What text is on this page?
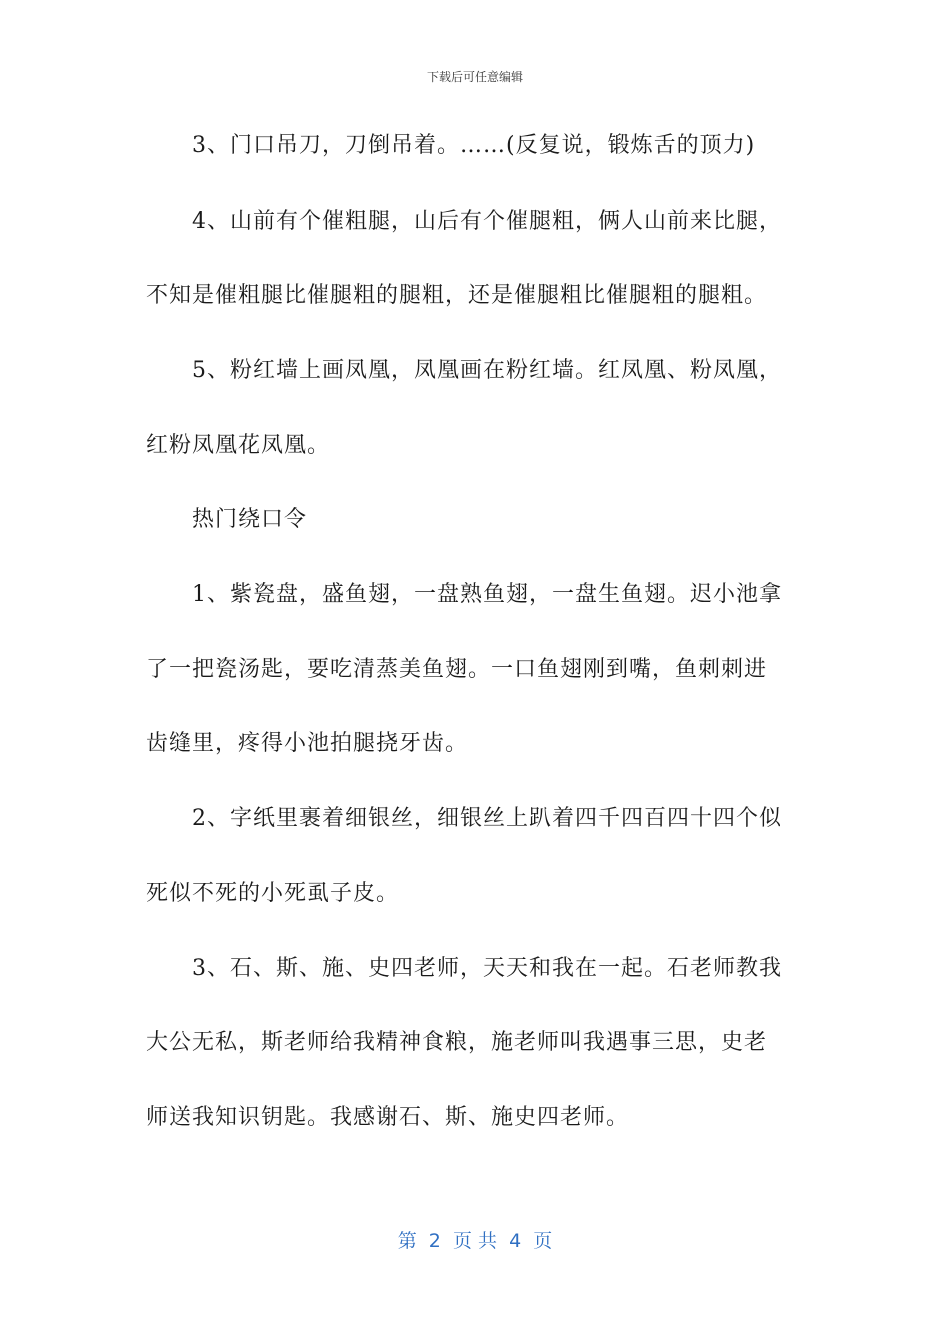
下载后可任意编辑
3、门口吊刀，刀倒吊着。……(反复说，锻炼舌的顶力)
4、山前有个催粗腿，山后有个催腿粗，俩人山前来比腿，
不知是催粗腿比催腿粗的腿粗，还是催腿粗比催腿粗的腿粗。
5、粉红墙上画凤凰，凤凰画在粉红墙。红凤凰、粉凤凰，
红粉凤凰花凤凰。
热门绕口令
1、紫瓷盘，盛鱼翅，一盘熟鱼翅，一盘生鱼翅。迟小池拿
了一把瓷汤匙，要吃清蒸美鱼翅。一口鱼翅刚到嘴，鱼刺刺进
齿缝里，疼得小池拍腿挠牙齿。
2、字纸里裹着细银丝，细银丝上趴着四千四百四十四个似
死似不死的小死虱子皮。
3、石、斯、施、史四老师，天天和我在一起。石老师教我
大公无私，斯老师给我精神食粮，施老师叫我遇事三思，史老
师送我知识钥匙。我感谢石、斯、施史四老师。
第  2  页 共  4  页
